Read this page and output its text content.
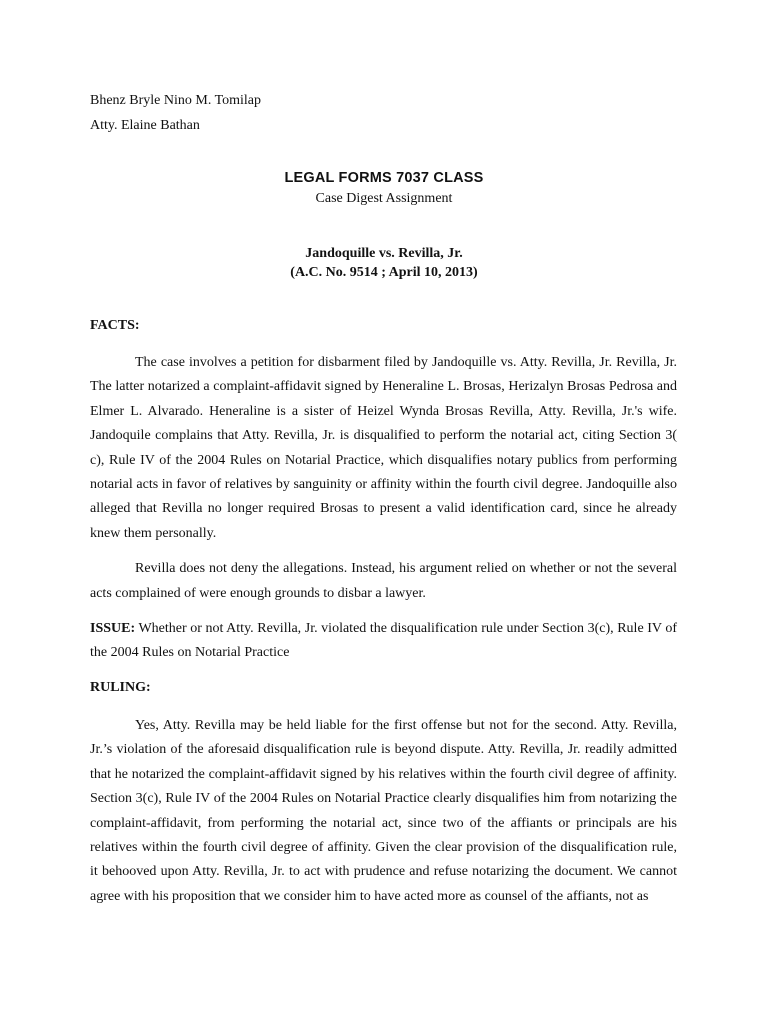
Bhenz Bryle Nino M. Tomilap
Atty. Elaine Bathan
LEGAL FORMS 7037 CLASS
Case Digest Assignment
Jandoquille vs. Revilla, Jr.
(A.C. No. 9514 ; April 10, 2013)

FACTS:

The case involves a petition for disbarment filed by Jandoquille vs. Atty. Revilla, Jr. Revilla, Jr. The latter notarized a complaint-affidavit signed by Heneraline L. Brosas, Herizalyn Brosas Pedrosa and Elmer L. Alvarado. Heneraline is a sister of Heizel Wynda Brosas Revilla, Atty. Revilla, Jr.'s wife. Jandoquile complains that Atty. Revilla, Jr. is disqualified to perform the notarial act, citing Section 3( c), Rule IV of the 2004 Rules on Notarial Practice, which disqualifies notary publics from performing notarial acts in favor of relatives by sanguinity or affinity within the fourth civil degree. Jandoquille also alleged that Revilla no longer required Brosas to present a valid identification card, since he already knew them personally.

Revilla does not deny the allegations. Instead, his argument relied on whether or not the several acts complained of were enough grounds to disbar a lawyer.

ISSUE: Whether or not Atty. Revilla, Jr. violated the disqualification rule under Section 3(c), Rule IV of the 2004 Rules on Notarial Practice

RULING:

Yes, Atty. Revilla may be held liable for the first offense but not for the second. Atty. Revilla, Jr.’s violation of the aforesaid disqualification rule is beyond dispute. Atty. Revilla, Jr. readily admitted that he notarized the complaint-affidavit signed by his relatives within the fourth civil degree of affinity. Section 3(c), Rule IV of the 2004 Rules on Notarial Practice clearly disqualifies him from notarizing the complaint-affidavit, from performing the notarial act, since two of the affiants or principals are his relatives within the fourth civil degree of affinity. Given the clear provision of the disqualification rule, it behooved upon Atty. Revilla, Jr. to act with prudence and refuse notarizing the document. We cannot agree with his proposition that we consider him to have acted more as counsel of the affiants, not as
